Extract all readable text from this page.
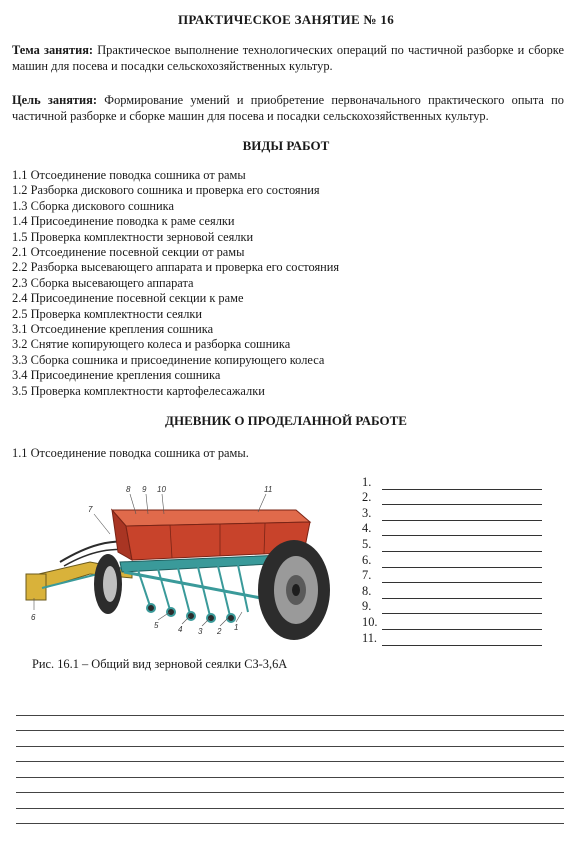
ПРАКТИЧЕСКОЕ ЗАНЯТИЕ № 16
Тема занятия: Практическое выполнение технологических операций по частичной разборке и сборке машин для посева и посадки сельскохозяйственных культур.
Цель занятия: Формирование умений и приобретение первоначального практического опыта по частичной разборке и сборке машин для посева и посадки сельскохозяйственных культур.
ВИДЫ РАБОТ
1.1 Отсоединение поводка сошника от рамы
1.2 Разборка дискового сошника и проверка его состояния
1.3 Сборка дискового сошника
1.4 Присоединение поводка к раме сеялки
1.5 Проверка комплектности зерновой сеялки
2.1 Отсоединение посевной секции от рамы
2.2 Разборка высевающего аппарата и проверка его состояния
2.3 Сборка высевающего аппарата
2.4 Присоединение посевной секции к раме
2.5 Проверка комплектности сеялки
3.1 Отсоединение крепления сошника
3.2 Снятие копирующего колеса и разборка сошника
3.3 Сборка сошника и присоединение копирующего колеса
3.4 Присоединение крепления сошника
3.5 Проверка комплектности картофелесажалки
ДНЕВНИК О ПРОДЕЛАННОЙ РАБОТЕ
1.1 Отсоединение поводка сошника от рамы.
8 9 10	11
7
6
5 4 3 2 1
1.
2.
3.
4.
5.
6.
7.
8.
9.
10.
11.
Рис. 16.1 – Общий вид зерновой сеялки СЗ-3,6А
